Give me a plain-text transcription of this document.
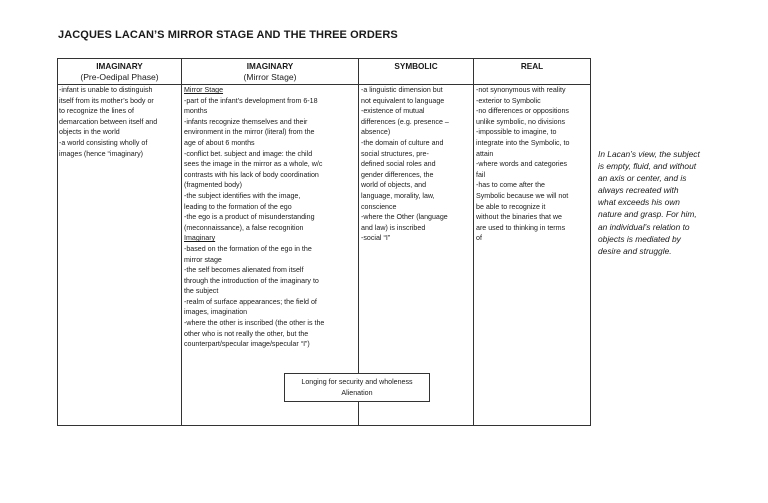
JACQUES LACAN’S MIRROR STAGE AND THE THREE ORDERS
IMAGINARY
(Pre-Oedipal Phase)
IMAGINARY
(Mirror Stage)
SYMBOLIC	REAL
-infant is unable to distinguish
itself from its mother’s body or
to recognize the lines of
demarcation between itself and
objects in the world
-a world consisting wholly of
images (hence “imaginary)
Mirror Stage
-part of the infant’s development from 6-18
months
-infants recognize themselves and their
environment in the mirror (literal) from the
age of about 6 months
-conflict bet. subject and image: the child
sees the image in the mirror as a whole, w/c
contrasts with his lack of body coordination
(fragmented body)
-the subject identifies with the image,
leading to the formation of the ego
-the ego is a product of misunderstanding
(meconnaissance), a false recognition
Imaginary
-based on the formation of the ego in the
mirror stage
-the self becomes alienated from itself
through the introduction of the imaginary to
the subject
-realm of surface appearances; the field of
images, imagination
-where the other is inscribed (the other is the
other who is not really the other, but the
counterpart/specular image/specular “I”)
-a linguistic dimension but
not equivalent to language
-existence of mutual
differences (e.g. presence –
absence)
-the domain of culture and
social structures, pre-
defined social roles and
gender differences, the
world of objects, and
language, morality, law,
conscience
-where the Other (language
and law) is inscribed
-social “I”
-not synonymous with reality
-exterior to Symbolic
-no differences or oppositions
unlike symbolic, no divisions
-impossible to imagine, to
integrate into the Symbolic, to
attain
-where words and categories
fail
-has to come after the
Symbolic because we will not
be able to recognize it
without the binaries that we
are used to thinking in terms
of
Longing for security and wholeness
Alienation
In Lacan’s view, the subject
is empty, fluid, and without
an axis or center, and is
always recreated with
what exceeds his own
nature and grasp. For him,
an individual’s relation to
objects is mediated by
desire and struggle.
